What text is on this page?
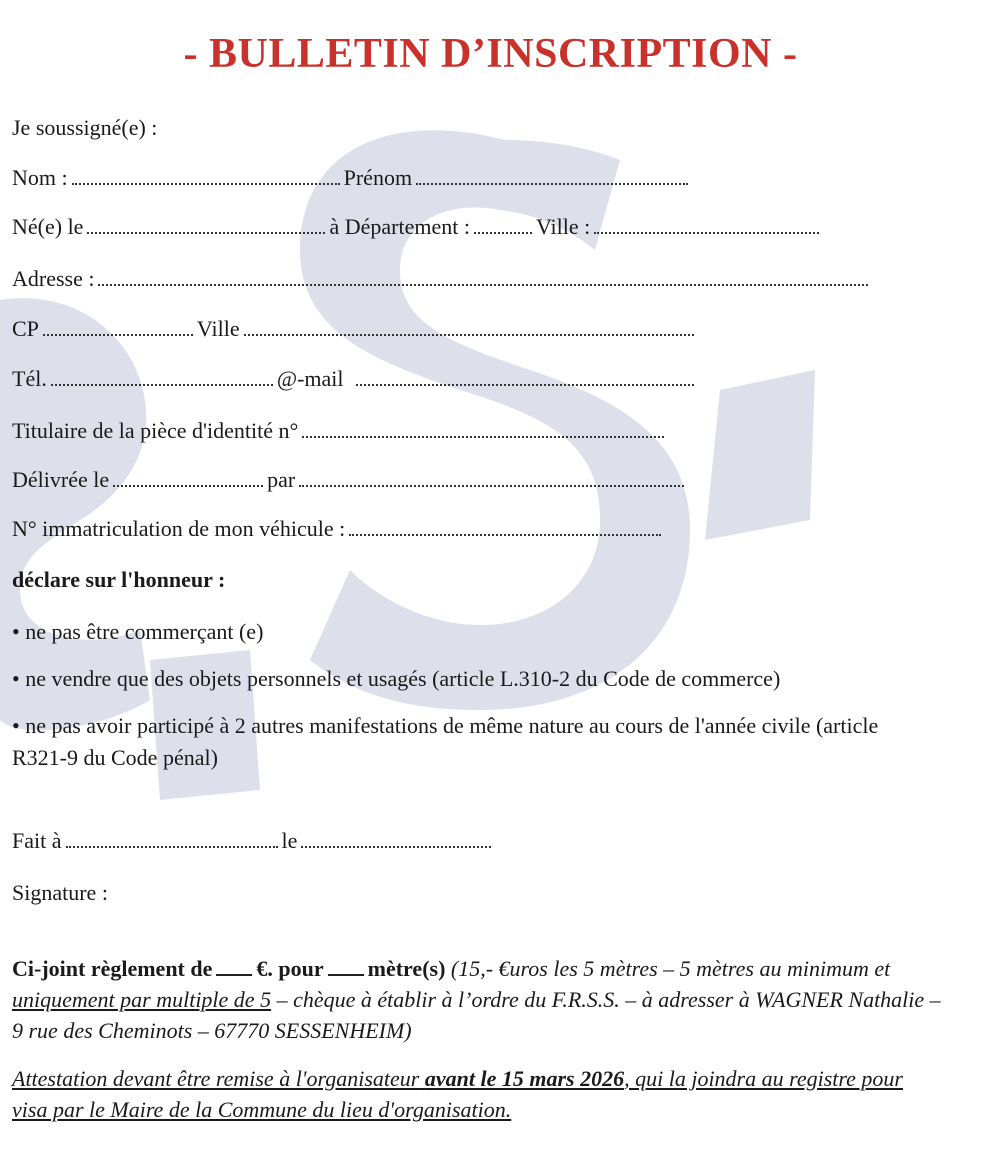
- BULLETIN D’INSCRIPTION -
Je soussigné(e) :
Nom :	Prénom
Né(e) le	à Département :	Ville :
Adresse :
CP	Ville
Tél.	@-mail
Titulaire de la pièce d'identité n°
Délivrée le	par
N° immatriculation de mon véhicule :
déclare sur l'honneur :
• ne pas être commerçant (e)
• ne vendre que des objets personnels et usagés (article L.310-2 du Code de commerce)
• ne pas avoir participé à 2 autres manifestations de même nature au cours de l'année civile (article R321-9 du Code pénal)
Fait à	le
Signature :
Ci-joint règlement de €. pour mètre(s) (15,- €uros les 5 mètres – 5 mètres au minimum et uniquement par multiple de 5 – chèque à établir à l’ordre du F.R.S.S. – à adresser à WAGNER Nathalie – 9 rue des Cheminots – 67770 SESSENHEIM)
Attestation devant être remise à l'organisateur avant le 15 mars 2026, qui la joindra au registre pour visa par le Maire de la Commune du lieu d'organisation.
